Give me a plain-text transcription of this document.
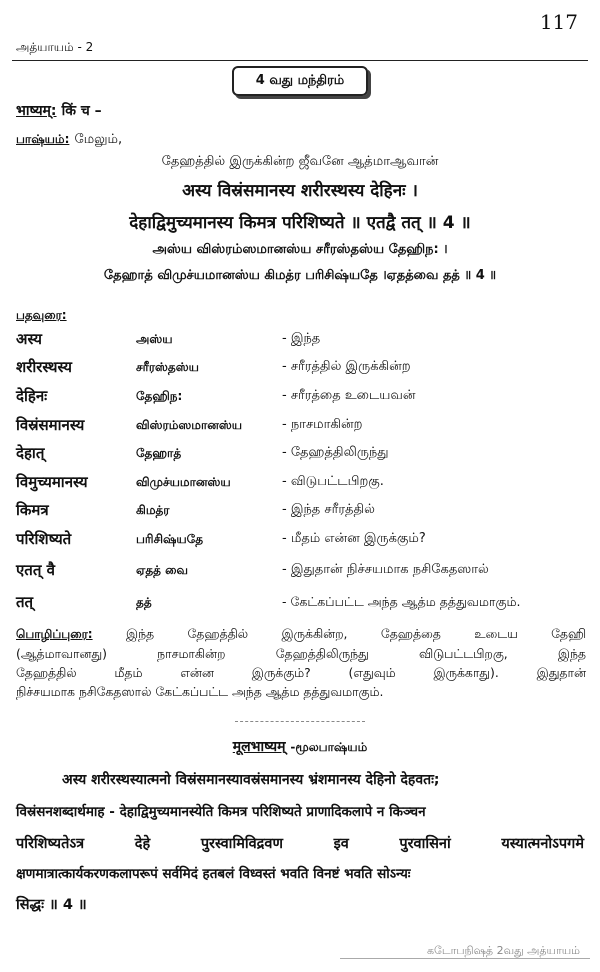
117
அத்யாயம் - 2
4 வது மந்திரம்
भाष्यम्: किं च –
பாஷ்யம்: மேலும்,
தேஹத்தில் இருக்கின்ற ஜீவனே ஆத்மாஆவான்
अस्य विस्रंसमानस्य शरीरस्थस्य देहिनः ।
देहाद्विमुच्यमानस्य किमत्र परिशिष्यते ॥ एतद्वै तत् ॥ 4 ॥
அஸ்ய விஸ்ரம்ஸமானஸ்ய சரீரஸ்தஸ்ய தேஹிந: ।
தேஹாத் விமுச்யமானஸ்ய கிமத்ர பரிசிஷ்யதே ।ஏதத்வை தத் ॥ 4 ॥
பதவுரை:
अस्य	அஸ்ய	- இந்த
शरीरस्थस्य	சரீரஸ்தஸ்ய	- சரீரத்தில் இருக்கின்ற
देहिनः	தேஹிந:	- சரீரத்தை உடையவன்
विस्रंसमानस्य	விஸ்ரம்ஸமானஸ்ய	- நாசமாகின்ற
देहात्	தேஹாத்	- தேஹத்திலிருந்து
विमुच्यमानस्य	விமுச்யமானஸ்ய	- விடுபட்டபிறகு.
किमत्र	கிமத்ர	- இந்த சரீரத்தில்
परिशिष्यते	பரிசிஷ்யதே	- மீதம் என்ன இருக்கும்?
एतत् वै	ஏதத் வை	- இதுதான் நிச்சயமாக நசிகேதஸால்
तत्	தத்	- கேட்கப்பட்ட அந்த ஆத்ம தத்துவமாகும்.
பொழிப்புரை:	இந்த தேஹத்தில் இருக்கின்ற, தேஹத்தை உடைய தேஹி
(ஆத்மாவானது) நாசமாகின்ற தேஹத்திலிருந்து விடுபட்டபிறகு, இந்த
தேஹத்தில் மீதம் என்ன இருக்கும்? (எதுவும் இருக்காது). இதுதான்
நிச்சயமாக நசிகேதஸால் கேட்கப்பட்ட அந்த ஆத்ம தத்துவமாகும்.
मूलभाष्यम् -மூலபாஷ்யம்
अस्य शरीरस्थस्यात्मनो विस्रंसमानस्यावस्रंसमानस्य भ्रंशमानस्य देहिनो देहवतः;
विस्रंसनशब्दार्थमाह - देहाद्विमुच्यमानस्येति किमत्र परिशिष्यते प्राणादिकलापे न किञ्चन
परिशिष्यतेऽत्र देहे पुरस्वामिविद्रवण इव पुरवासिनां यस्यात्मनोऽपगमे
क्षणमात्रात्कार्यकरणकलापरूपं सर्वमिदं हतबलं विध्वस्तं भवति विनष्टं भवति सोऽन्यः
सिद्धः ॥ 4 ॥
கடோபநிஷத் 2வது அத்யாயம்
